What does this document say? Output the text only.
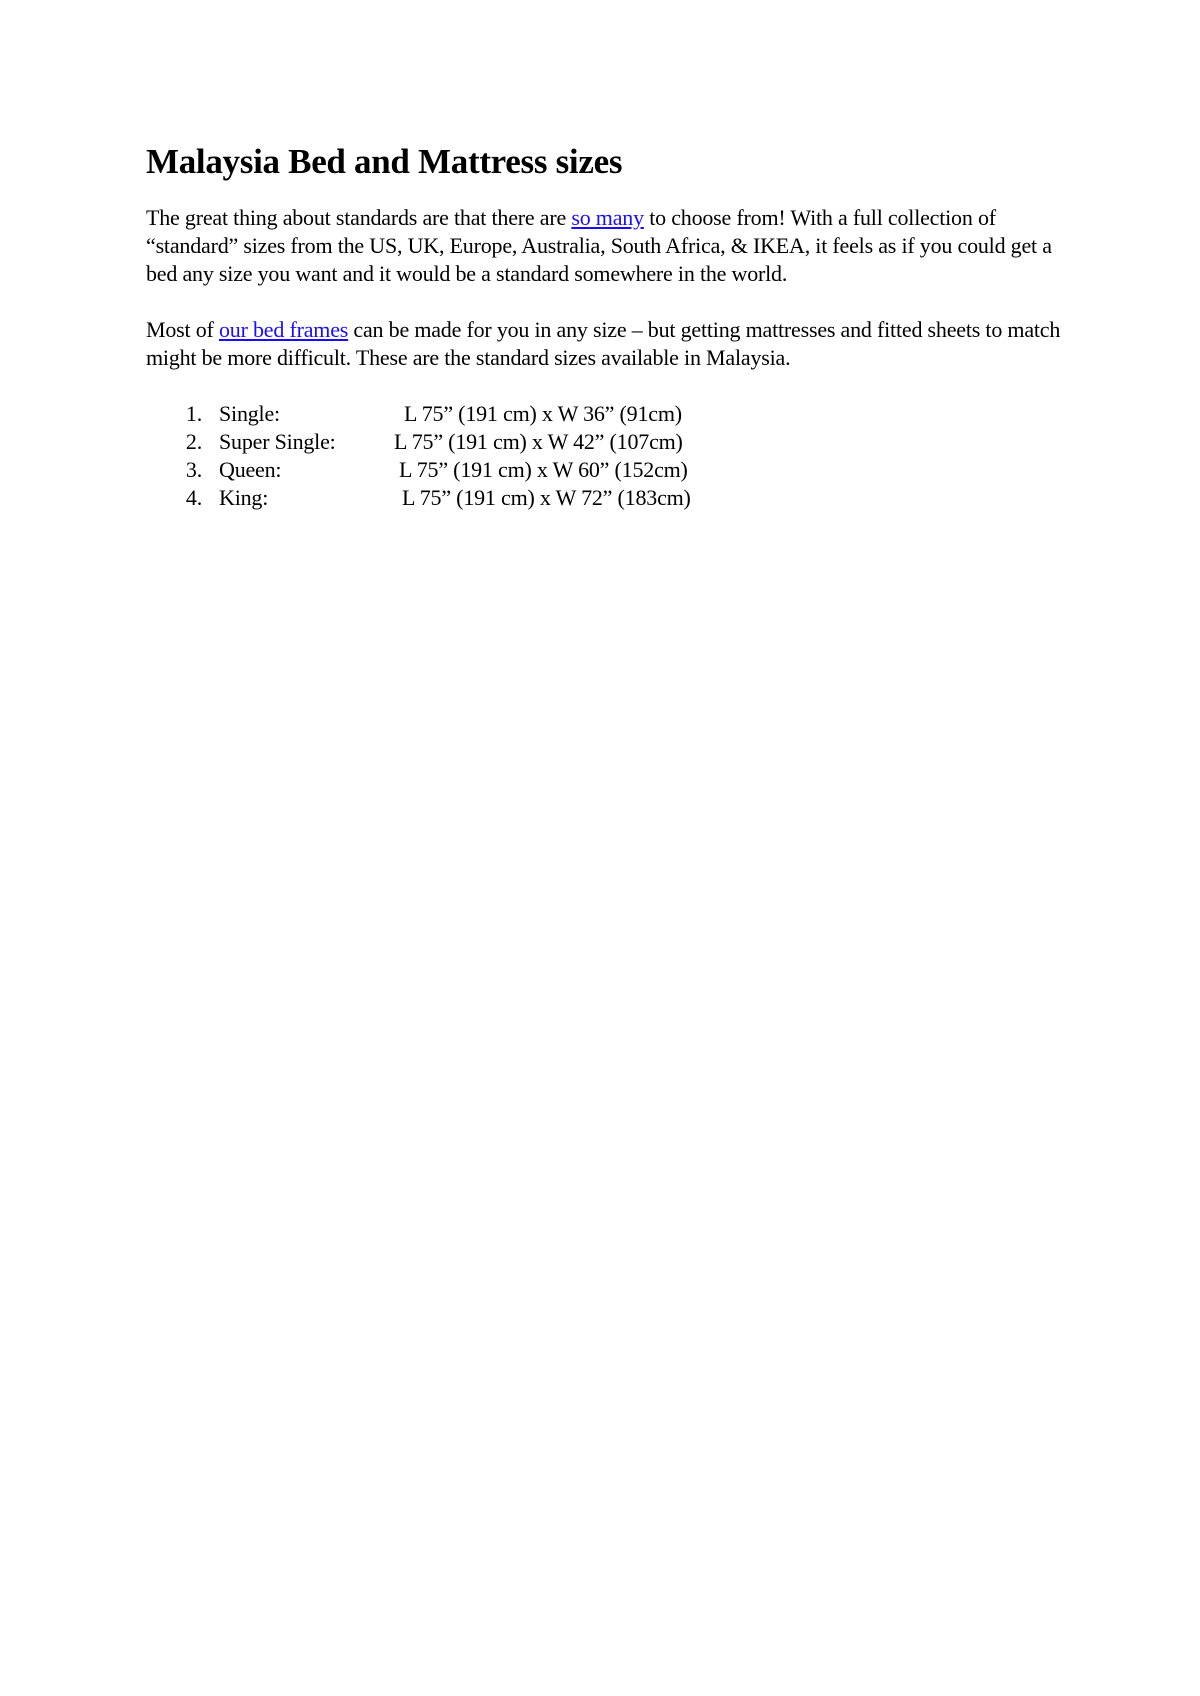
Malaysia Bed and Mattress sizes

The great thing about standards are that there are so many to choose from! With a full collection of “standard” sizes from the US, UK, Europe, Australia, South Africa, & IKEA, it feels as if you could get a bed any size you want and it would be a standard somewhere in the world.

Most of our bed frames can be made for you in any size – but getting mattresses and fitted sheets to match might be more difficult. These are the standard sizes available in Malaysia.

1. Single:	L 75” (191 cm) x W 36” (91cm)
2. Super Single:	L 75” (191 cm) x W 42” (107cm)
3. Queen:	L 75” (191 cm) x W 60” (152cm)
4. King:	L 75” (191 cm) x W 72” (183cm)
